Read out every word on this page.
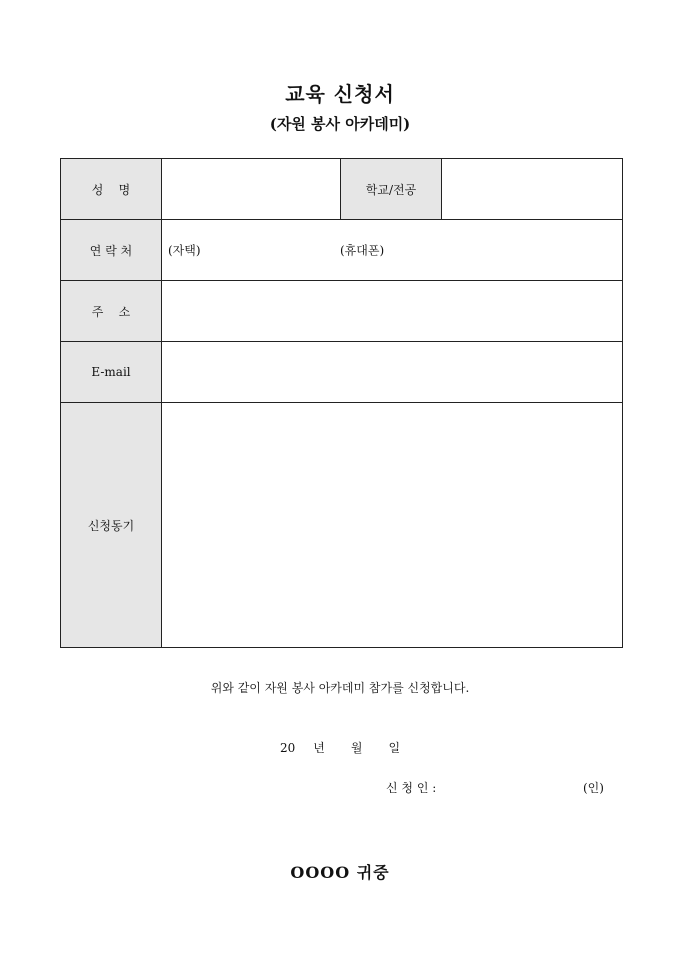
교육 신청서
(자원 봉사 아카데미)
성    명		학교/전공	
연 락 처	(자택) (휴대폰)		

주    소			
E-mail			
신청동기			
위와 같이 자원 봉사 아카데미 참가를 신청합니다.
20 년 월 일
신 청 인 :	(인)
OOOO 귀중
